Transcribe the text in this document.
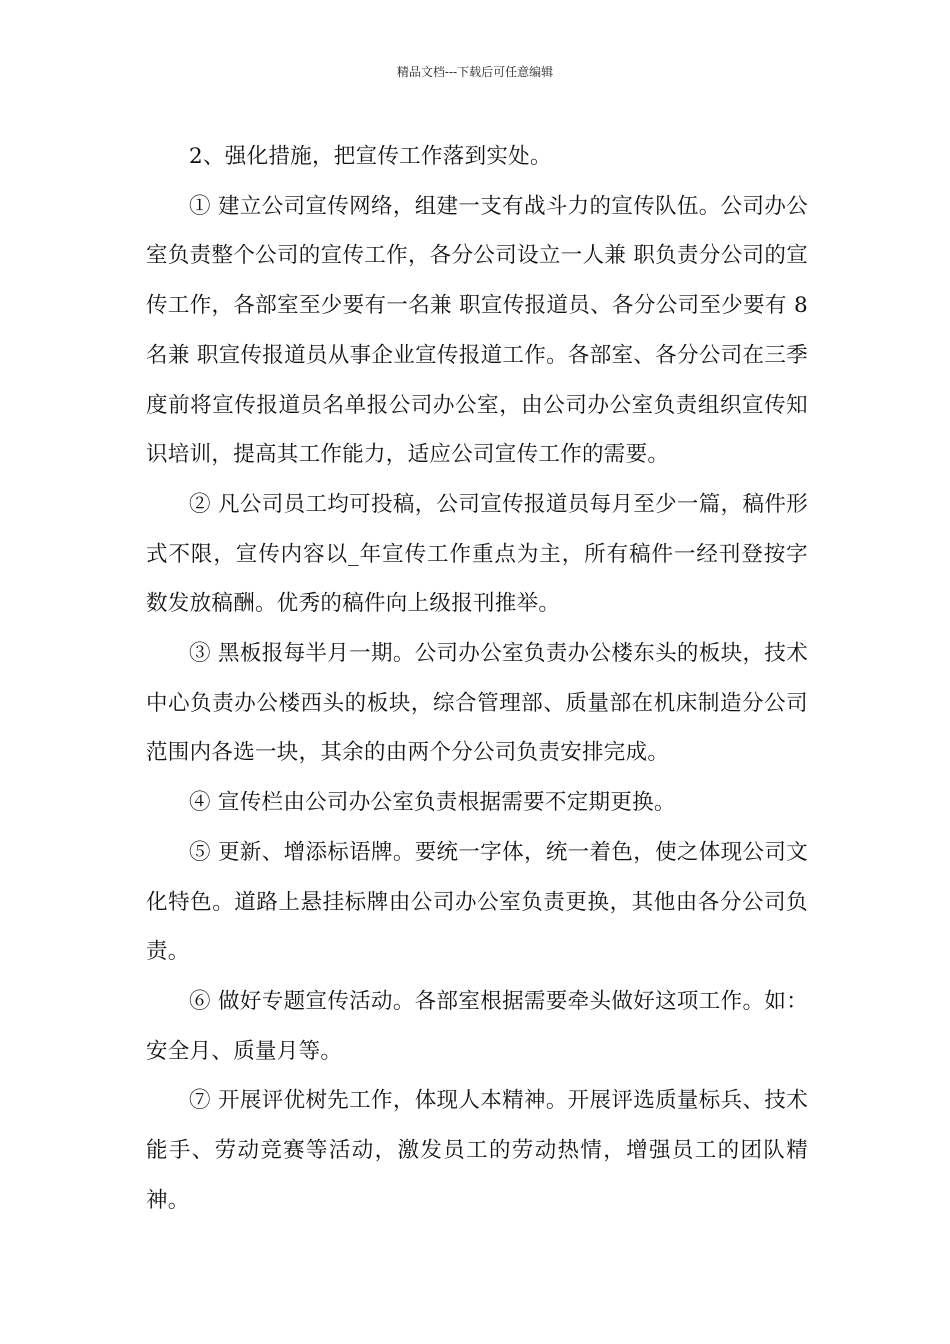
精品文档---下载后可任意编辑

2、强化措施，把宣传工作落到实处。

① 建立公司宣传网络，组建一支有战斗力的宣传队伍。公司办公室负责整个公司的宣传工作，各分公司设立一人兼 职负责分公司的宣传工作，各部室至少要有一名兼 职宣传报道员、各分公司至少要有 8 名兼 职宣传报道员从事企业宣传报道工作。各部室、各分公司在三季度前将宣传报道员名单报公司办公室，由公司办公室负责组织宣传知识培训，提高其工作能力，适应公司宣传工作的需要。

② 凡公司员工均可投稿，公司宣传报道员每月至少一篇，稿件形式不限，宣传内容以_年宣传工作重点为主，所有稿件一经刊登按字数发放稿酬。优秀的稿件向上级报刊推举。

③ 黑板报每半月一期。公司办公室负责办公楼东头的板块，技术中心负责办公楼西头的板块，综合管理部、质量部在机床制造分公司范围内各选一块，其余的由两个分公司负责安排完成。

④ 宣传栏由公司办公室负责根据需要不定期更换。

⑤ 更新、增添标语牌。要统一字体，统一着色，使之体现公司文化特色。道路上悬挂标牌由公司办公室负责更换，其他由各分公司负责。

⑥ 做好专题宣传活动。各部室根据需要牵头做好这项工作。如：安全月、质量月等。

⑦ 开展评优树先工作，体现人本精神。开展评选质量标兵、技术能手、劳动竞赛等活动，激发员工的劳动热情，增强员工的团队精神。
